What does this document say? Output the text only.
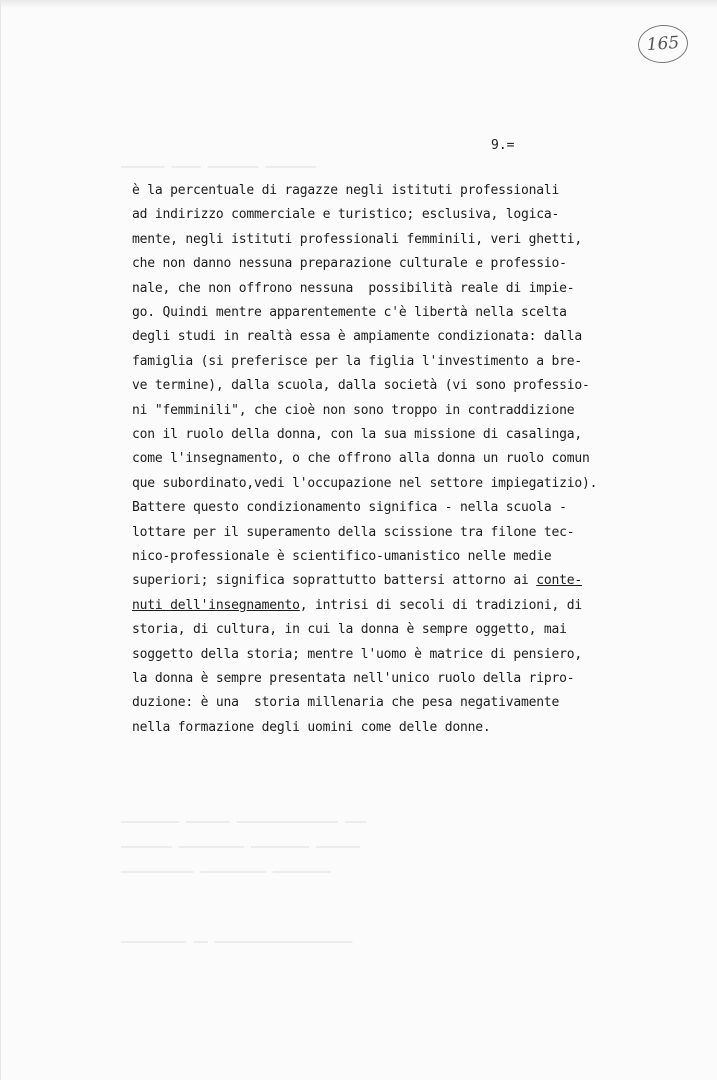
━━━━━━ ━━━━ ━━━━━━━ ━━━━━━━
━━━━━━━━ ━━━━━━ ━━━━━━━━━━━━━━ ━━━
━━━━━━━ ━━━━━━━━━ ━━━━━━━━ ━━━━━━
━━━━━━━━━━ ━━━━━━━━━ ━━━━━━━━
━━━━━━━━━ ━━ ━━━━━━━━━━━━━━━━━━━
165
9.=
è la percentuale di ragazze negli istituti professionali
ad indirizzo commerciale e turistico; esclusiva, logica-
mente, negli istituti professionali femminili, veri ghetti,
che non danno nessuna preparazione culturale e professio-
nale, che non offrono nessuna  possibilità reale di impie-
go. Quindi mentre apparentemente c'è libertà nella scelta
degli studi in realtà essa è ampiamente condizionata: dalla
famiglia (si preferisce per la figlia l'investimento a bre-
ve termine), dalla scuola, dalla società (vi sono professio-
ni "femminili", che cioè non sono troppo in contraddizione
con il ruolo della donna, con la sua missione di casalinga,
come l'insegnamento, o che offrono alla donna un ruolo comun
que subordinato,vedi l'occupazione nel settore impiegatizio).
Battere questo condizionamento significa - nella scuola -
lottare per il superamento della scissione tra filone tec-
nico-professionale è scientifico-umanistico nelle medie
superiori; significa soprattutto battersi attorno ai conte-
nuti dell'insegnamento, intrisi di secoli di tradizioni, di
storia, di cultura, in cui la donna è sempre oggetto, mai
soggetto della storia; mentre l'uomo è matrice di pensiero,
la donna è sempre presentata nell'unico ruolo della ripro-
duzione: è una  storia millenaria che pesa negativamente
nella formazione degli uomini come delle donne.
